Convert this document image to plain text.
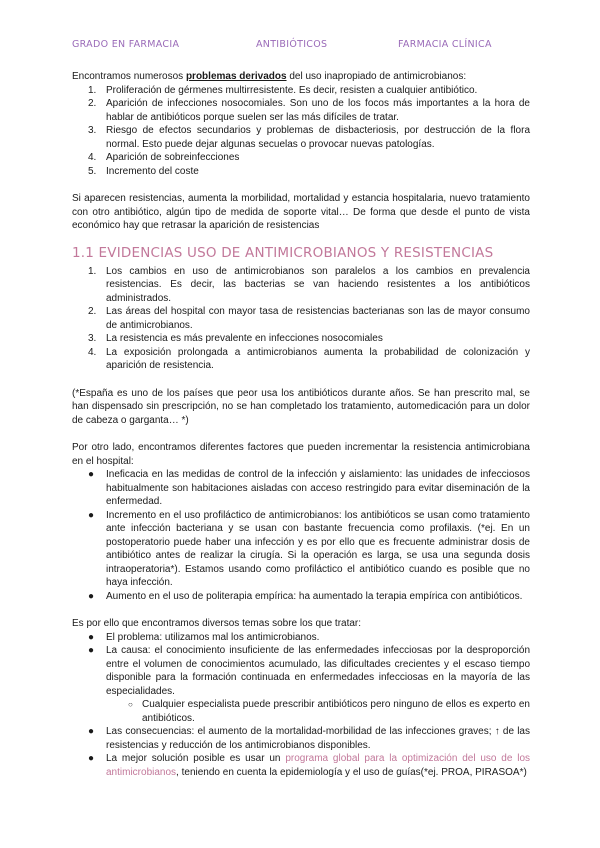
GRADO EN FARMACIA	ANTIBIÓTICOS	FARMACIA CLÍNICA

Encontramos numerosos problemas derivados del uso inapropiado de antimicrobianos:

1. Proliferación de gérmenes multirresistente. Es decir, resisten a cualquier antibiótico.
2. Aparición de infecciones nosocomiales. Son uno de los focos más importantes a la hora de hablar de antibióticos porque suelen ser las más difíciles de tratar.
3. Riesgo de efectos secundarios y problemas de disbacteriosis, por destrucción de la flora normal. Esto puede dejar algunas secuelas o provocar nuevas patologías.
4. Aparición de sobreinfecciones
5. Incremento del coste

Si aparecen resistencias, aumenta la morbilidad, mortalidad y estancia hospitalaria, nuevo tratamiento con otro antibiótico, algún tipo de medida de soporte vital… De forma que desde el punto de vista económico hay que retrasar la aparición de resistencias

1.1 EVIDENCIAS USO DE ANTIMICROBIANOS Y RESISTENCIAS
1. Los cambios en uso de antimicrobianos son paralelos a los cambios en prevalencia resistencias. Es decir, las bacterias se van haciendo resistentes a los antibióticos administrados.
2. Las áreas del hospital con mayor tasa de resistencias bacterianas son las de mayor consumo de antimicrobianos.
3. La resistencia es más prevalente en infecciones nosocomiales
4. La exposición prolongada a antimicrobianos aumenta la probabilidad de colonización y aparición de resistencia.

(*España es uno de los países que peor usa los antibióticos durante años. Se han prescrito mal, se han dispensado sin prescripción, no se han completado los tratamiento, automedicación para un dolor de cabeza o garganta… *)

Por otro lado, encontramos diferentes factores que pueden incrementar la resistencia antimicrobiana en el hospital:

● Ineficacia en las medidas de control de la infección y aislamiento: las unidades de infecciosos habitualmente son habitaciones aisladas con acceso restringido para evitar diseminación de la enfermedad.
● Incremento en el uso profiláctico de antimicrobianos: los antibióticos se usan como tratamiento ante infección bacteriana y se usan con bastante frecuencia como profilaxis. (*ej. En un postoperatorio puede haber una infección y es por ello que es frecuente administrar dosis de antibiótico antes de realizar la cirugía. Si la operación es larga, se usa una segunda dosis intraoperatoria*). Estamos usando como profiláctico el antibiótico cuando es posible que no haya infección.
● Aumento en el uso de politerapia empírica: ha aumentado la terapia empírica con antibióticos.

Es por ello que encontramos diversos temas sobre los que tratar:

● El problema: utilizamos mal los antimicrobianos.
● La causa: el conocimiento insuficiente de las enfermedades infecciosas por la desproporción entre el volumen de conocimientos acumulado, las dificultades crecientes y el escaso tiempo disponible para la formación continuada en enfermedades infecciosas en la mayoría de las especialidades.
○ Cualquier especialista puede prescribir antibióticos pero ninguno de ellos es experto en antibióticos.
● Las consecuencias: el aumento de la mortalidad-morbilidad de las infecciones graves; ↑ de las resistencias y reducción de los antimicrobianos disponibles.
● La mejor solución posible es usar un programa global para la optimización del uso de los antimicrobianos, teniendo en cuenta la epidemiología y el uso de guías(*ej. PROA, PIRASOA*)
